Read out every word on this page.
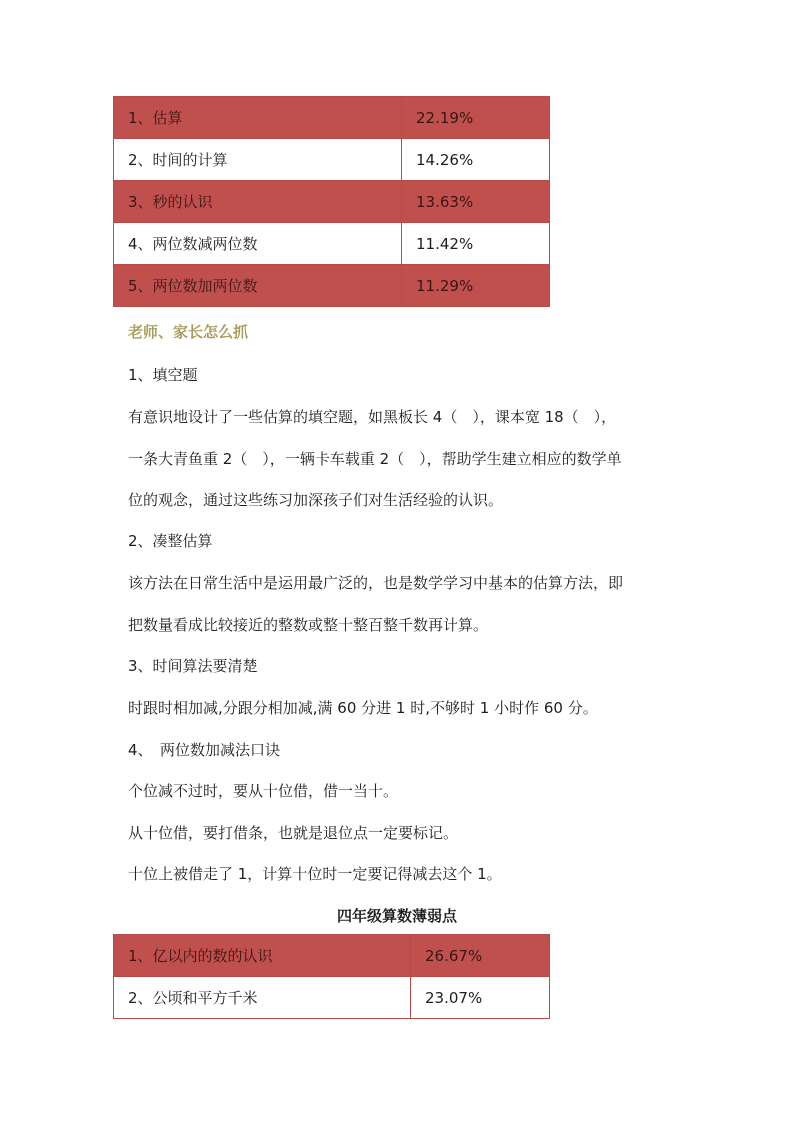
1、估算	22.19%
2、时间的计算	14.26%
3、秒的认识	13.63%
4、两位数减两位数	11.42%
5、两位数加两位数	11.29%
老师、家长怎么抓
1、填空题
有意识地设计了一些估算的填空题，如黑板长 4（　），课本宽 18（　），
一条大青鱼重 2（　），一辆卡车载重 2（　），帮助学生建立相应的数学单
位的观念，通过这些练习加深孩子们对生活经验的认识。
2、凑整估算
该方法在日常生活中是运用最广泛的，也是数学学习中基本的估算方法，即
把数量看成比较接近的整数或整十整百整千数再计算。
3、时间算法要清楚
时跟时相加减,分跟分相加减,满 60 分进 1 时,不够时 1 小时作 60 分。
4、　两位数加减法口诀
个位减不过时，要从十位借，借一当十。
从十位借，要打借条，也就是退位点一定要标记。
十位上被借走了 1，计算十位时一定要记得减去这个 1。
四年级算数薄弱点
1、亿以内的数的认识	26.67%
2、公顷和平方千米	23.07%
